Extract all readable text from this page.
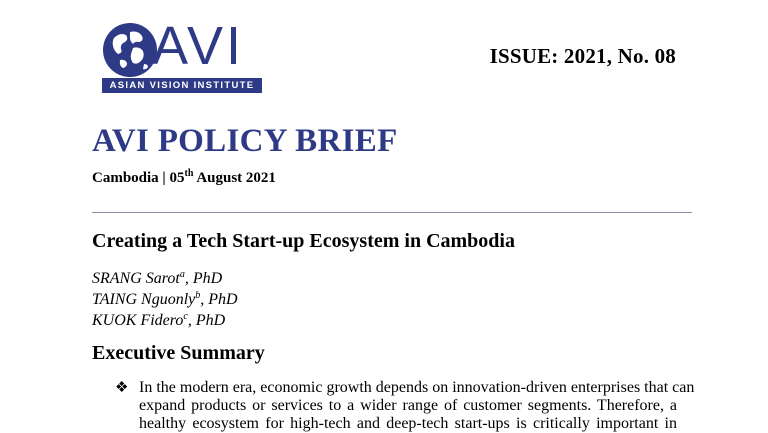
AVI
ASIAN VISION INSTITUTE
ISSUE: 2021, No. 08
AVI POLICY BRIEF
Cambodia | 05th August 2021
Creating a Tech Start-up Ecosystem in Cambodia
SRANG Sarot$^a$, PhD
TAING Nguonly$^b$, PhD
KUOK Fidero$^c$, PhD
Executive Summary
❖ In the modern era, economic growth depends on innovation-driven enterprises that can
expand products or services to a wider range of customer segments. Therefore, a
healthy ecosystem for high-tech and deep-tech start-ups is critically important in
